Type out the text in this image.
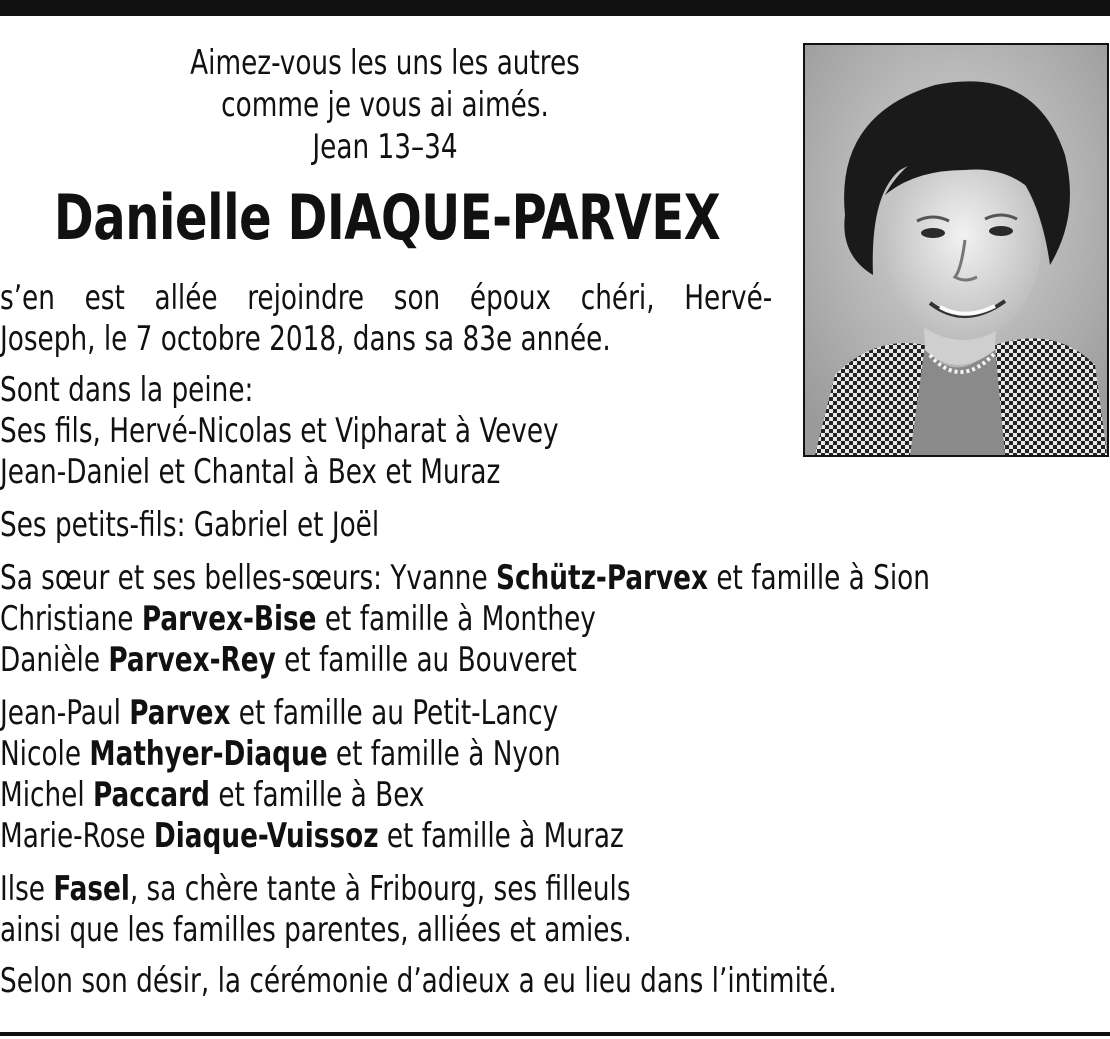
Aimez-vous les uns les autres
comme je vous ai aimés.
Jean 13–34
Danielle DIAQUE-PARVEX
s’en est allée rejoindre son époux chéri, Hervé-
Joseph, le 7 octobre 2018, dans sa 83e année.
Sont dans la peine:
Ses fils, Hervé-Nicolas et Vipharat à Vevey
Jean-Daniel et Chantal à Bex et Muraz
Ses petits-fils: Gabriel et Joël
Sa sœur et ses belles-sœurs: Yvanne Schütz-Parvex et famille à Sion
Christiane Parvex-Bise et famille à Monthey
Danièle Parvex-Rey et famille au Bouveret
Jean-Paul Parvex et famille au Petit-Lancy
Nicole Mathyer-Diaque et famille à Nyon
Michel Paccard et famille à Bex
Marie-Rose Diaque-Vuissoz et famille à Muraz
Ilse Fasel, sa chère tante à Fribourg, ses filleuls
ainsi que les familles parentes, alliées et amies.
Selon son désir, la cérémonie d’adieux a eu lieu dans l’intimité.
